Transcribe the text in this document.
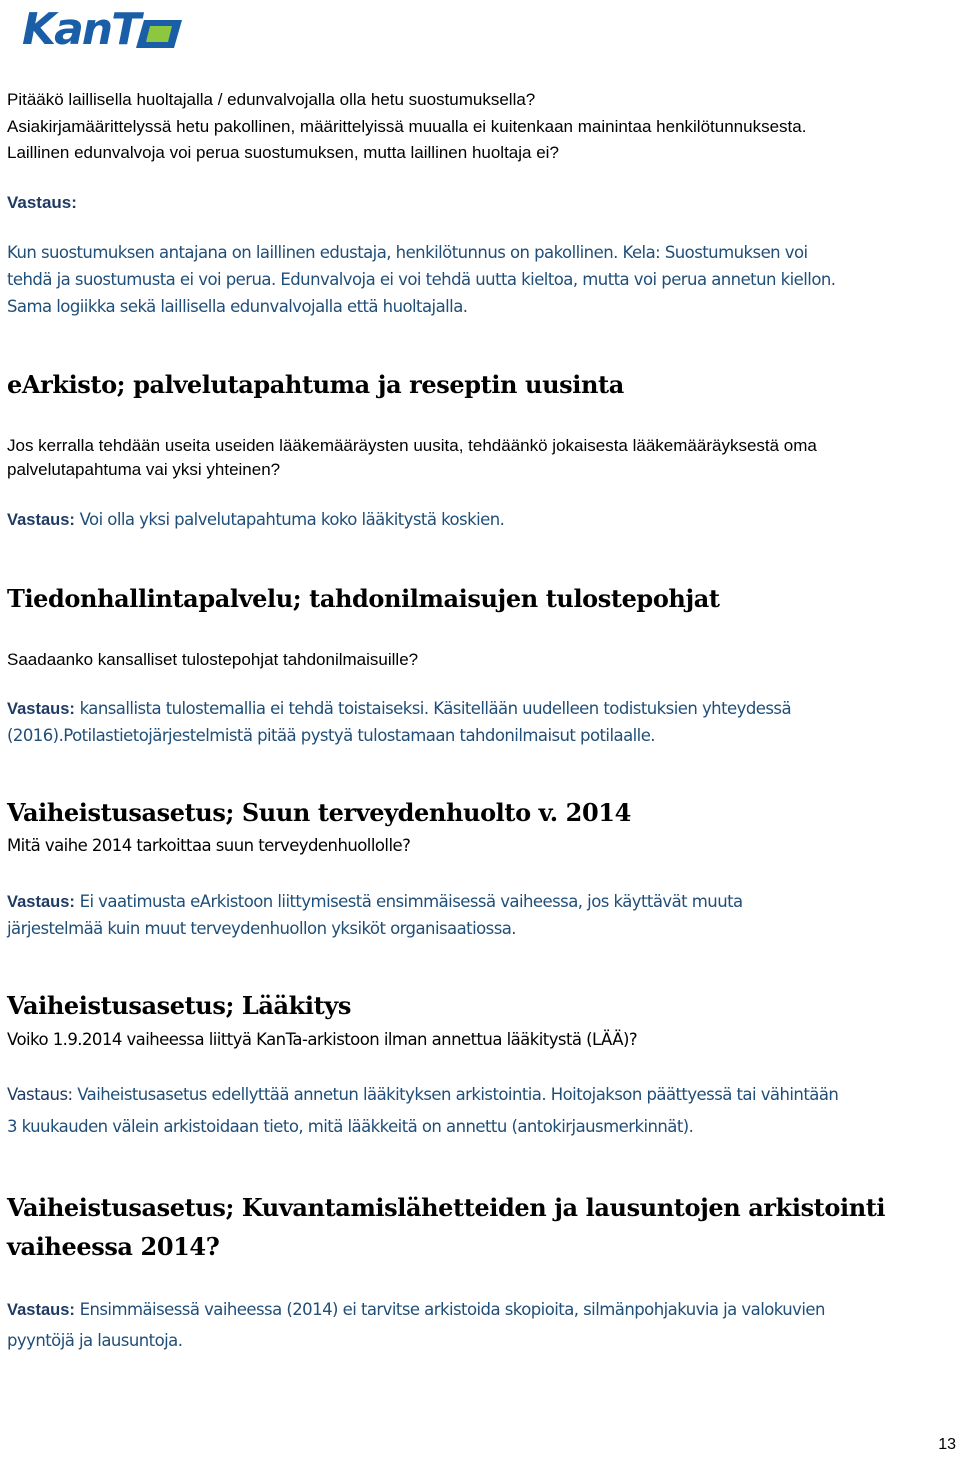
KanT

Pitääkö laillisella huoltajalla / edunvalvojalla olla hetu suostumuksella?

Asiakirjamäärittelyssä hetu pakollinen, määrittelyissä muualla ei kuitenkaan mainintaa henkilötunnuksesta.

Laillinen edunvalvoja voi perua suostumuksen, mutta laillinen huoltaja ei?

Vastaus:

Kun suostumuksen antajana on laillinen edustaja, henkilötunnus on pakollinen. Kela: Suostumuksen voi

tehdä ja suostumusta ei voi perua. Edunvalvoja ei voi tehdä uutta kieltoa, mutta voi perua annetun kiellon.

Sama logiikka sekä laillisella edunvalvojalla että huoltajalla.

eArkisto; palvelutapahtuma ja reseptin uusinta

Jos kerralla tehdään useita useiden lääkemääräysten uusita, tehdäänkö jokaisesta lääkemääräyksestä oma

palvelutapahtuma vai yksi yhteinen?

Vastaus: Voi olla yksi palvelutapahtuma koko lääkitystä koskien.

Tiedonhallintapalvelu; tahdonilmaisujen tulostepohjat

Saadaanko kansalliset tulostepohjat tahdonilmaisuille?

Vastaus: kansallista tulostemallia ei tehdä toistaiseksi. Käsitellään uudelleen todistuksien yhteydessä

(2016).Potilastietojärjestelmistä pitää pystyä tulostamaan tahdonilmaisut potilaalle.

Vaiheistusasetus; Suun terveydenhuolto v. 2014

Mitä vaihe 2014 tarkoittaa suun terveydenhuollolle?

Vastaus: Ei vaatimusta eArkistoon liittymisestä ensimmäisessä vaiheessa, jos käyttävät muuta

järjestelmää kuin muut terveydenhuollon yksiköt organisaatiossa.

Vaiheistusasetus; Lääkitys

Voiko 1.9.2014 vaiheessa liittyä KanTa-arkistoon ilman annettua lääkitystä (LÄÄ)?

Vastaus: Vaiheistusasetus edellyttää annetun lääkityksen arkistointia. Hoitojakson päättyessä tai vähintään

3 kuukauden välein arkistoidaan tieto, mitä lääkkeitä on annettu (antokirjausmerkinnät).

Vaiheistusasetus; Kuvantamislähetteiden ja lausuntojen arkistointi
vaiheessa 2014?

Vastaus: Ensimmäisessä vaiheessa (2014) ei tarvitse arkistoida skopioita, silmänpohjakuvia ja valokuvien

pyyntöjä ja lausuntoja.

13
